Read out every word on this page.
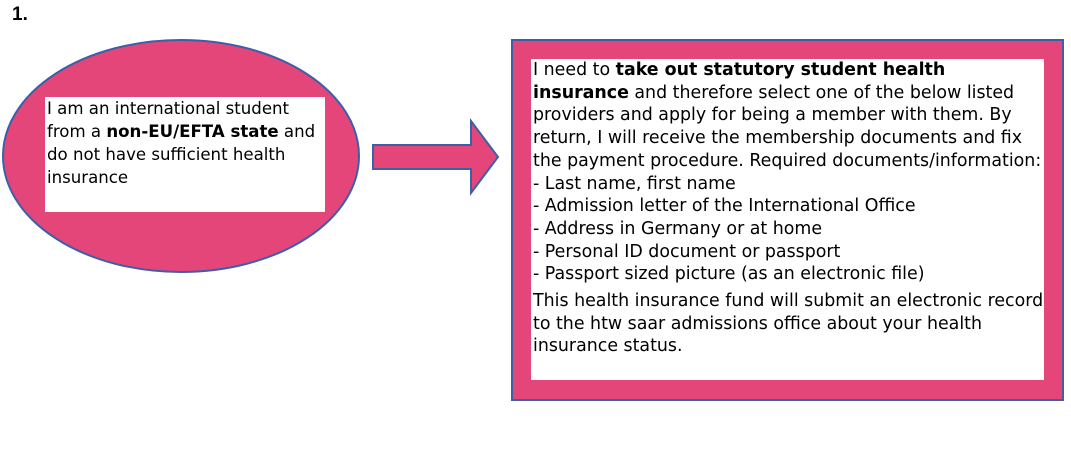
1.
I am an international student from a non-EU/EFTA state and do not have sufficient health insurance

I need to take out statutory student health insurance and therefore select one of the below listed providers and apply for being a member with them. By return, I will receive the membership documents and fix the payment procedure. Required documents/information:

- Last name, first name
- Admission letter of the International Office
- Address in Germany or at home
- Personal ID document or passport
- Passport sized picture (as an electronic file)

This health insurance fund will submit an electronic record to the htw saar admissions office about your health insurance status.
